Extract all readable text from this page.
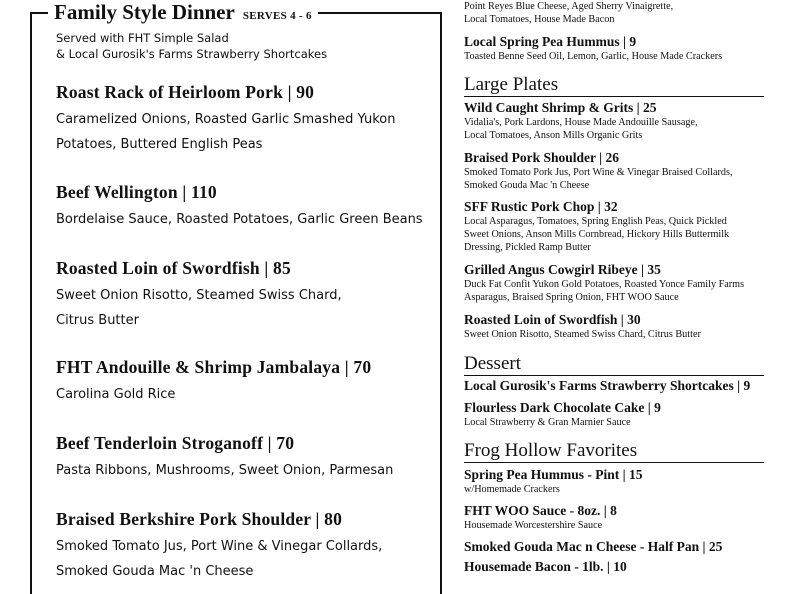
Family Style Dinner SERVES 4 - 6
Served with FHT Simple Salad
& Local Gurosik's Farms Strawberry Shortcakes
Roast Rack of Heirloom Pork | 90
Caramelized Onions, Roasted Garlic Smashed Yukon
Potatoes, Buttered English Peas
Beef Wellington | 110
Bordelaise Sauce, Roasted Potatoes, Garlic Green Beans
Roasted Loin of Swordfish | 85
Sweet Onion Risotto, Steamed Swiss Chard,
Citrus Butter
FHT Andouille & Shrimp Jambalaya | 70
Carolina Gold Rice
Beef Tenderloin Stroganoff | 70
Pasta Ribbons, Mushrooms, Sweet Onion, Parmesan
Braised Berkshire Pork Shoulder | 80
Smoked Tomato Jus, Port Wine & Vinegar Collards,
Smoked Gouda Mac 'n Cheese
Point Reyes Blue Cheese, Aged Sherry Vinaigrette,
Local Tomatoes, House Made Bacon
Local Spring Pea Hummus | 9
Toasted Benne Seed Oil, Lemon, Garlic, House Made Crackers
Large Plates
Wild Caught Shrimp & Grits | 25
Vidalia's, Pork Lardons, House Made Andouille Sausage,
Local Tomatoes, Anson Mills Organic Grits
Braised Pork Shoulder | 26
Smoked Tomato Pork Jus, Port Wine & Vinegar Braised Collards,
Smoked Gouda Mac 'n Cheese
SFF Rustic Pork Chop | 32
Local Asparagus, Tomatoes, Spring English Peas, Quick Pickled
Sweet Onions, Anson Mills Cornbread, Hickory Hills Buttermilk
Dressing, Pickled Ramp Butter
Grilled Angus Cowgirl Ribeye | 35
Duck Fat Confit Yukon Gold Potatoes, Roasted Yonce Family Farms
Asparagus, Braised Spring Onion, FHT WOO Sauce
Roasted Loin of Swordfish | 30
Sweet Onion Risotto, Steamed Swiss Chard, Citrus Butter
Dessert
Local Gurosik's Farms Strawberry Shortcakes | 9
Flourless Dark Chocolate Cake | 9
Local Strawberry & Gran Marnier Sauce
Frog Hollow Favorites
Spring Pea Hummus - Pint | 15
w/Homemade Crackers
FHT WOO Sauce - 8oz. | 8
Housemade Worcestershire Sauce
Smoked Gouda Mac n Cheese - Half Pan | 25
Housemade Bacon - 1lb. | 10
